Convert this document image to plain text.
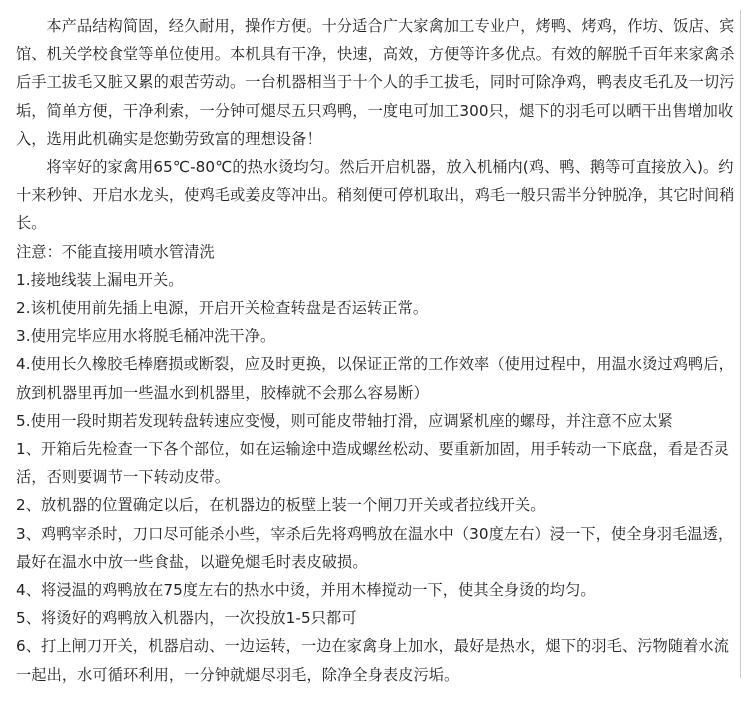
本产品结构简固，经久耐用，操作方便。十分适合广大家禽加工专业户，烤鸭、烤鸡，作坊、饭店、宾馆、机关学校食堂等单位使用。本机具有干净，快速，高效，方便等许多优点。有效的解脱千百年来家禽杀后手工拔毛又脏又累的艰苦劳动。一台机器相当于十个人的手工拔毛，同时可除净鸡，鸭表皮毛孔及一切污垢，简单方便，干净利索，一分钟可煺尽五只鸡鸭，一度电可加工300只，煺下的羽毛可以晒干出售增加收入，选用此机确实是您勤劳致富的理想设备！

将宰好的家禽用65℃-80℃的热水烫均匀。然后开启机器，放入机桶内(鸡、鸭、鹅等可直接放入)。约十来秒钟、开启水龙头，使鸡毛或姜皮等冲出。稍刻便可停机取出，鸡毛一般只需半分钟脱净，其它时间稍长。

注意：不能直接用喷水管清洗

1.接地线装上漏电开关。

2.该机使用前先插上电源，开启开关检查转盘是否运转正常。

3.使用完毕应用水将脱毛桶冲洗干净。

4.使用长久橡胶毛棒磨损或断裂，应及时更换，以保证正常的工作效率（使用过程中，用温水烫过鸡鸭后，放到机器里再加一些温水到机器里，胶棒就不会那么容易断）

5.使用一段时期若发现转盘转速应变慢，则可能皮带轴打滑，应调紧机座的螺母，并注意不应太紧

1、开箱后先检查一下各个部位，如在运输途中造成螺丝松动、要重新加固，用手转动一下底盘，看是否灵活，否则要调节一下转动皮带。

2、放机器的位置确定以后，在机器边的板壁上装一个闸刀开关或者拉线开关。

3、鸡鸭宰杀时，刀口尽可能杀小些，宰杀后先将鸡鸭放在温水中（30度左右）浸一下，使全身羽毛温透，最好在温水中放一些食盐，以避免煺毛时表皮破损。

4、将浸温的鸡鸭放在75度左右的热水中烫，并用木棒搅动一下，使其全身烫的均匀。

5、将烫好的鸡鸭放入机器内，一次投放1-5只都可

6、打上闸刀开关，机器启动、一边运转，一边在家禽身上加水，最好是热水，煺下的羽毛、污物随着水流一起出，水可循环利用，一分钟就煺尽羽毛，除净全身表皮污垢。
